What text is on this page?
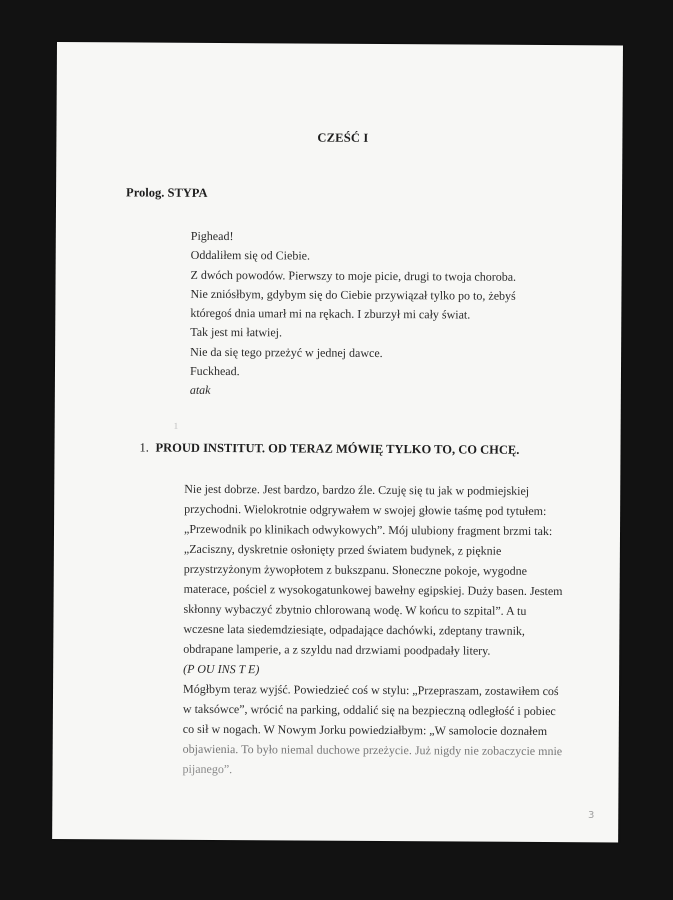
CZEŚĆ I
Prolog. STYPA
Pighead!
Oddaliłem się od Ciebie.
Z dwóch powodów. Pierwszy to moje picie, drugi to twoja choroba.
Nie zniósłbym, gdybym się do Ciebie przywiązał tylko po to, żebyś
któregoś dnia umarł mi na rękach. I zburzył mi cały świat.
Tak jest mi łatwiej.
Nie da się tego przeżyć w jednej dawce.
Fuckhead.
atak
1
1. PROUD INSTITUT. OD TERAZ MÓWIĘ TYLKO TO, CO CHCĘ.
Nie jest dobrze. Jest bardzo, bardzo źle. Czuję się tu jak w podmiejskiej
przychodni. Wielokrotnie odgrywałem w swojej głowie taśmę pod tytułem:
„Przewodnik po klinikach odwykowych”. Mój ulubiony fragment brzmi tak:
„Zaciszny, dyskretnie osłonięty przed światem budynek, z pięknie
przystrzyżonym żywopłotem z bukszpanu. Słoneczne pokoje, wygodne
materace, pościel z wysokogatunkowej bawełny egipskiej. Duży basen. Jestem
skłonny wybaczyć zbytnio chlorowaną wodę. W końcu to szpital”. A tu
wczesne lata siedemdziesiąte, odpadające dachówki, zdeptany trawnik,
obdrapane lamperie, a z szyldu nad drzwiami poodpadały litery.
(P OU INS T E)
Mógłbym teraz wyjść. Powiedzieć coś w stylu: „Przepraszam, zostawiłem coś
w taksówce”, wrócić na parking, oddalić się na bezpieczną odległość i pobiec
co sił w nogach. W Nowym Jorku powiedziałbym: „W samolocie doznałem
objawienia. To było niemal duchowe przeżycie. Już nigdy nie zobaczycie mnie
pijanego”.
3
